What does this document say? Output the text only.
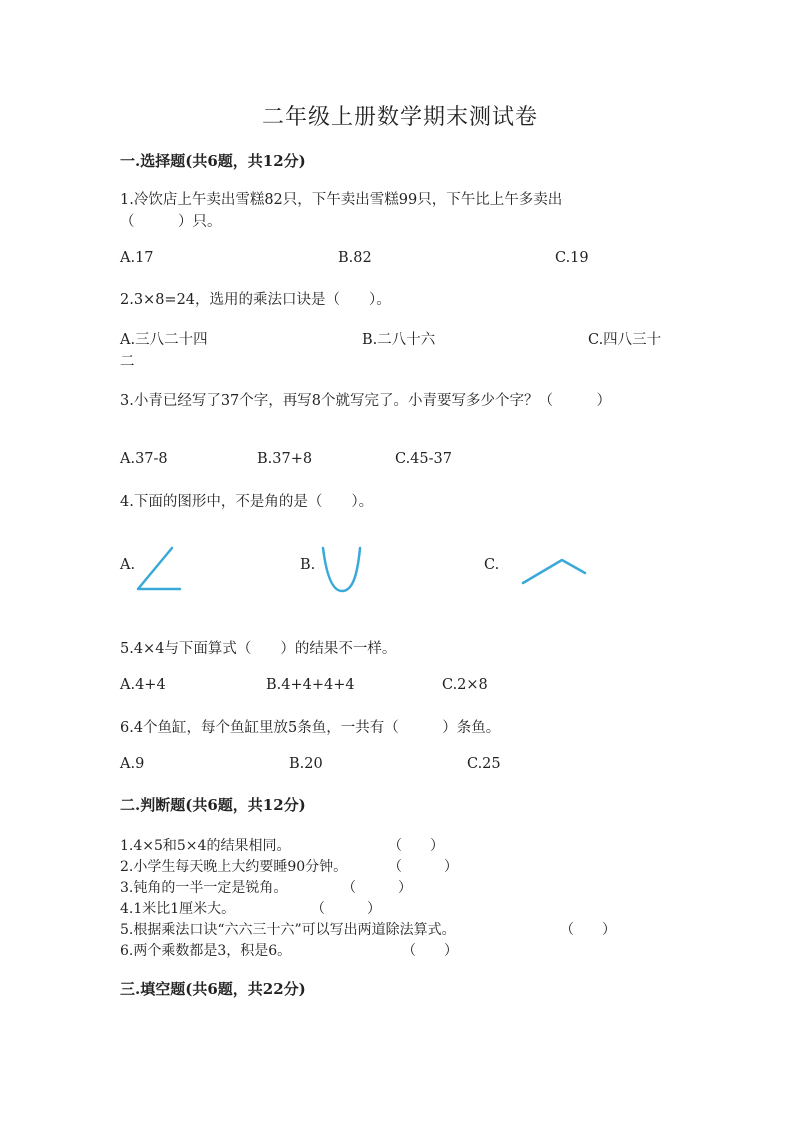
二年级上册数学期末测试卷
一.选择题(共6题，共12分)
1.冷饮店上午卖出雪糕82只，下午卖出雪糕99只，下午比上午多卖出
（　　　）只。
A.17	B.82	C.19
2.3×8=24，选用的乘法口诀是（　　）。
A.三八二十四	B.二八十六	C.四八三十
二
3.小青已经写了37个字，再写8个就写完了。小青要写多少个字？（　　　）
A.37-8	B.37+8	C.45-37
4.下面的图形中，不是角的是（　　）。
A.	B.	C.
5.4×4与下面算式（　　）的结果不一样。
A.4+4	B.4+4+4+4	C.2×8
6.4个鱼缸，每个鱼缸里放5条鱼，一共有（　　　）条鱼。
A.9	B.20	C.25
二.判断题(共6题，共12分)
1.4×5和5×4的结果相同。	（　　）
2.小学生每天晚上大约要睡90分钟。	（　　　）
3.钝角的一半一定是锐角。	（　　　）
4.1米比1厘米大。	（　　　）
5.根据乘法口诀“六六三十六”可以写出两道除法算式。	（　　）
6.两个乘数都是3，积是6。	（　　）
三.填空题(共6题，共22分)
